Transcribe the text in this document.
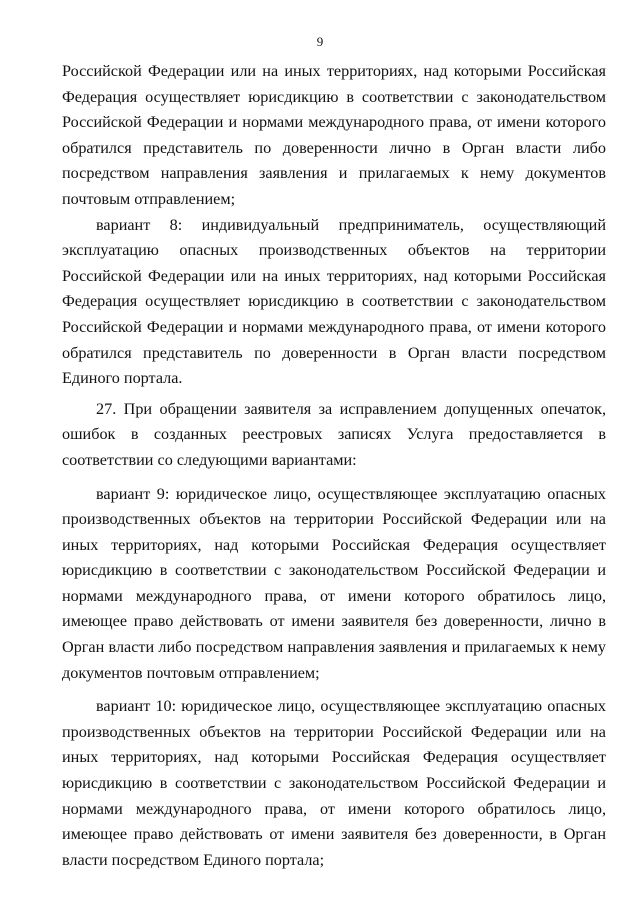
9

Российской Федерации или на иных территориях, над которыми Российская Федерация осуществляет юрисдикцию в соответствии с законодательством Российской Федерации и нормами международного права, от имени которого обратился представитель по доверенности лично в Орган власти либо посредством направления заявления и прилагаемых к нему документов почтовым отправлением;

вариант 8: индивидуальный предприниматель, осуществляющий эксплуатацию опасных производственных объектов на территории Российской Федерации или на иных территориях, над которыми Российская Федерация осуществляет юрисдикцию в соответствии с законодательством Российской Федерации и нормами международного права, от имени которого обратился представитель по доверенности в Орган власти посредством Единого портала.

27. При обращении заявителя за исправлением допущенных опечаток, ошибок в созданных реестровых записях Услуга предоставляется в соответствии со следующими вариантами:

вариант 9: юридическое лицо, осуществляющее эксплуатацию опасных производственных объектов на территории Российской Федерации или на иных территориях, над которыми Российская Федерация осуществляет юрисдикцию в соответствии с законодательством Российской Федерации и нормами международного права, от имени которого обратилось лицо, имеющее право действовать от имени заявителя без доверенности, лично в Орган власти либо посредством направления заявления и прилагаемых к нему документов почтовым отправлением;

вариант 10: юридическое лицо, осуществляющее эксплуатацию опасных производственных объектов на территории Российской Федерации или на иных территориях, над которыми Российская Федерация осуществляет юрисдикцию в соответствии с законодательством Российской Федерации и нормами международного права, от имени которого обратилось лицо, имеющее право действовать от имени заявителя без доверенности, в Орган власти посредством Единого портала;
